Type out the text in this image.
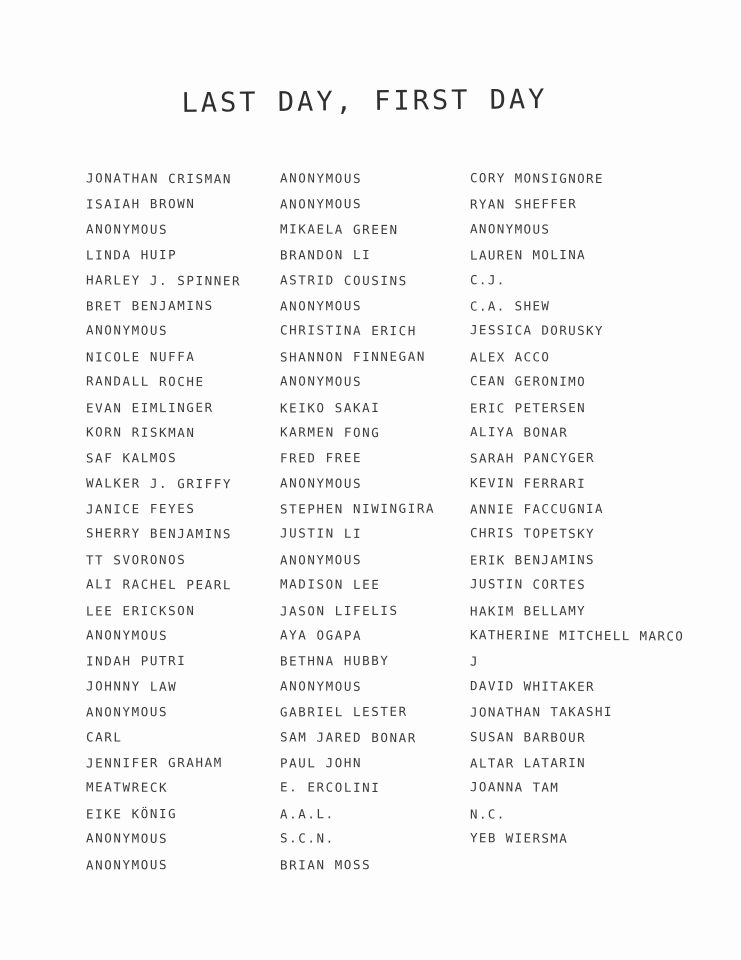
LAST DAY, FIRST DAY
JONATHAN CRISMAN
ISAIAH BROWN
ANONYMOUS
LINDA HUIP
HARLEY J. SPINNER
BRET BENJAMINS
ANONYMOUS
NICOLE NUFFA
RANDALL ROCHE
EVAN EIMLINGER
KORN RISKMAN
SAF KALMOS
WALKER J. GRIFFY
JANICE FEYES
SHERRY BENJAMINS
TT SVORONOS
ALI RACHEL PEARL
LEE ERICKSON
ANONYMOUS
INDAH PUTRI
JOHNNY LAW
ANONYMOUS
CARL
JENNIFER GRAHAM
MEATWRECK
EIKE KÖNIG
ANONYMOUS
ANONYMOUS
ANONYMOUS
ANONYMOUS
MIKAELA GREEN
BRANDON LI
ASTRID COUSINS
ANONYMOUS
CHRISTINA ERICH
SHANNON FINNEGAN
ANONYMOUS
KEIKO SAKAI
KARMEN FONG
FRED FREE
ANONYMOUS
STEPHEN NIWINGIRA
JUSTIN LI
ANONYMOUS
MADISON LEE
JASON LIFELIS
AYA OGAPA
BETHNA HUBBY
ANONYMOUS
GABRIEL LESTER
SAM JARED BONAR
PAUL JOHN
E. ERCOLINI
A.A.L.
S.C.N.
BRIAN MOSS
CORY MONSIGNORE
RYAN SHEFFER
ANONYMOUS
LAUREN MOLINA
C.J.
C.A. SHEW
JESSICA DORUSKY
ALEX ACCO
CEAN GERONIMO
ERIC PETERSEN
ALIYA BONAR
SARAH PANCYGER
KEVIN FERRARI
ANNIE FACCUGNIA
CHRIS TOPETSKY
ERIK BENJAMINS
JUSTIN CORTES
HAKIM BELLAMY
KATHERINE MITCHELL MARCO
J
DAVID WHITAKER
JONATHAN TAKASHI
SUSAN BARBOUR
ALTAR LATARIN
JOANNA TAM
N.C.
YEB WIERSMA
